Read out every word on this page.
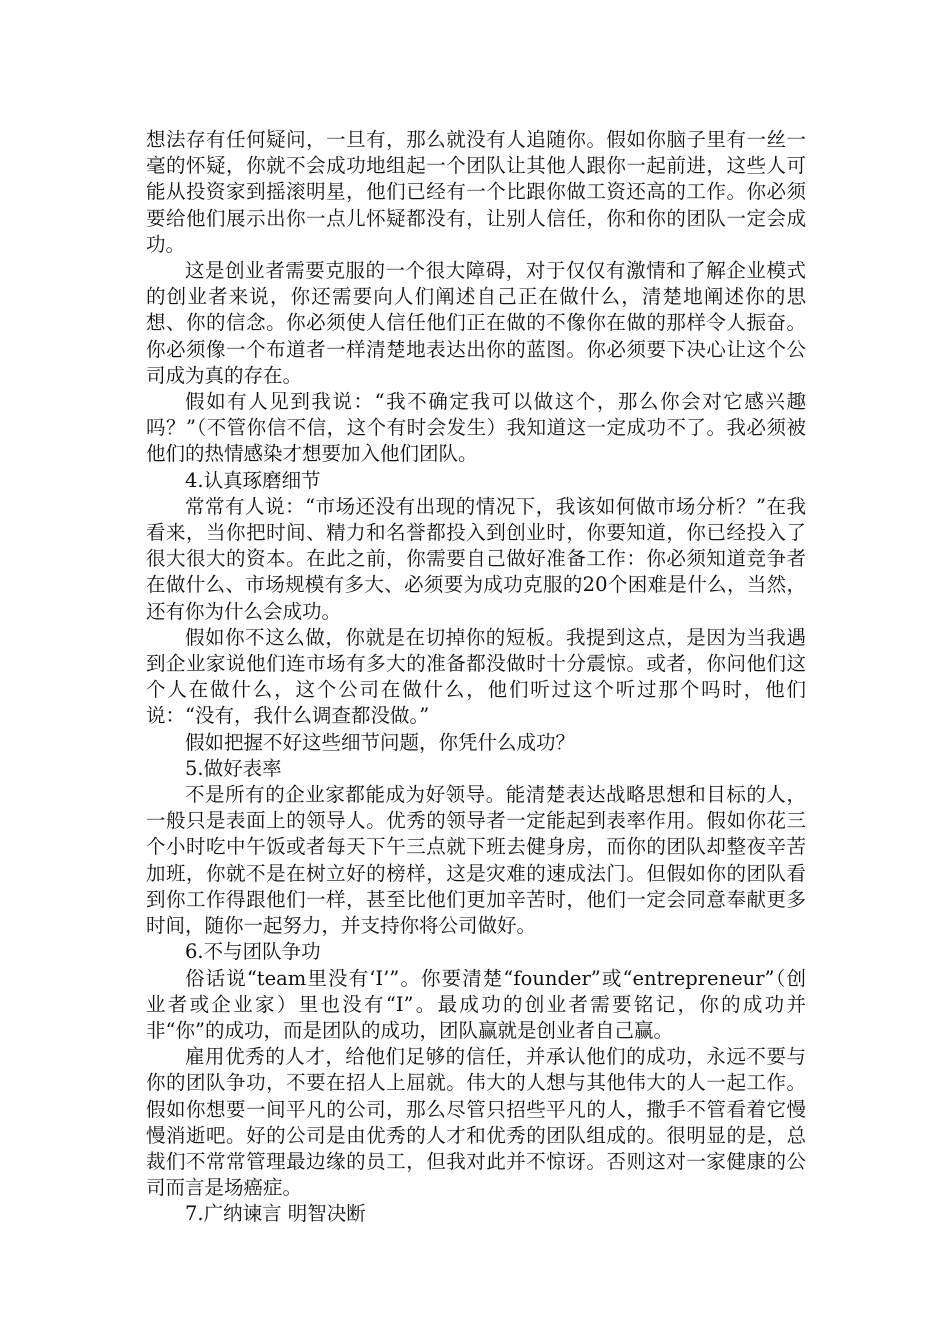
想法存有任何疑问，一旦有，那么就没有人追随你。假如你脑子里有一丝一毫的怀疑，你就不会成功地组起一个团队让其他人跟你一起前进，这些人可能从投资家到摇滚明星，他们已经有一个比跟你做工资还高的工作。你必须要给他们展示出你一点儿怀疑都没有，让别人信任，你和你的团队一定会成功。

这是创业者需要克服的一个很大障碍，对于仅仅有激情和了解企业模式的创业者来说，你还需要向人们阐述自己正在做什么，清楚地阐述你的思想、你的信念。你必须使人信任他们正在做的不像你在做的那样令人振奋。你必须像一个布道者一样清楚地表达出你的蓝图。你必须要下决心让这个公司成为真的存在。

假如有人见到我说：“我不确定我可以做这个，那么你会对它感兴趣吗？”（不管你信不信，这个有时会发生）我知道这一定成功不了。我必须被他们的热情感染才想要加入他们团队。

4.认真琢磨细节

常常有人说：“市场还没有出现的情况下，我该如何做市场分析？”在我看来，当你把时间、精力和名誉都投入到创业时，你要知道，你已经投入了很大很大的资本。在此之前，你需要自己做好准备工作：你必须知道竞争者在做什么、市场规模有多大、必须要为成功克服的20个困难是什么，当然，还有你为什么会成功。

假如你不这么做，你就是在切掉你的短板。我提到这点，是因为当我遇到企业家说他们连市场有多大的准备都没做时十分震惊。或者，你问他们这个人在做什么，这个公司在做什么，他们听过这个听过那个吗时，他们说：“没有，我什么调查都没做。”

假如把握不好这些细节问题，你凭什么成功？

5.做好表率

不是所有的企业家都能成为好领导。能清楚表达战略思想和目标的人，一般只是表面上的领导人。优秀的领导者一定能起到表率作用。假如你花三个小时吃中午饭或者每天下午三点就下班去健身房，而你的团队却整夜辛苦加班，你就不是在树立好的榜样，这是灾难的速成法门。但假如你的团队看到你工作得跟他们一样，甚至比他们更加辛苦时，他们一定会同意奉献更多时间，随你一起努力，并支持你将公司做好。

6.不与团队争功

俗话说“team里没有‘I’”。你要清楚“founder”或“entrepreneur”（创业者或企业家）里也没有“I”。最成功的创业者需要铭记，你的成功并非“你”的成功，而是团队的成功，团队赢就是创业者自己赢。

雇用优秀的人才，给他们足够的信任，并承认他们的成功，永远不要与你的团队争功，不要在招人上屈就。伟大的人想与其他伟大的人一起工作。假如你想要一间平凡的公司，那么尽管只招些平凡的人，撒手不管看着它慢慢消逝吧。好的公司是由优秀的人才和优秀的团队组成的。很明显的是，总裁们不常常管理最边缘的员工，但我对此并不惊讶。否则这对一家健康的公司而言是场癌症。

7.广纳谏言 明智决断
